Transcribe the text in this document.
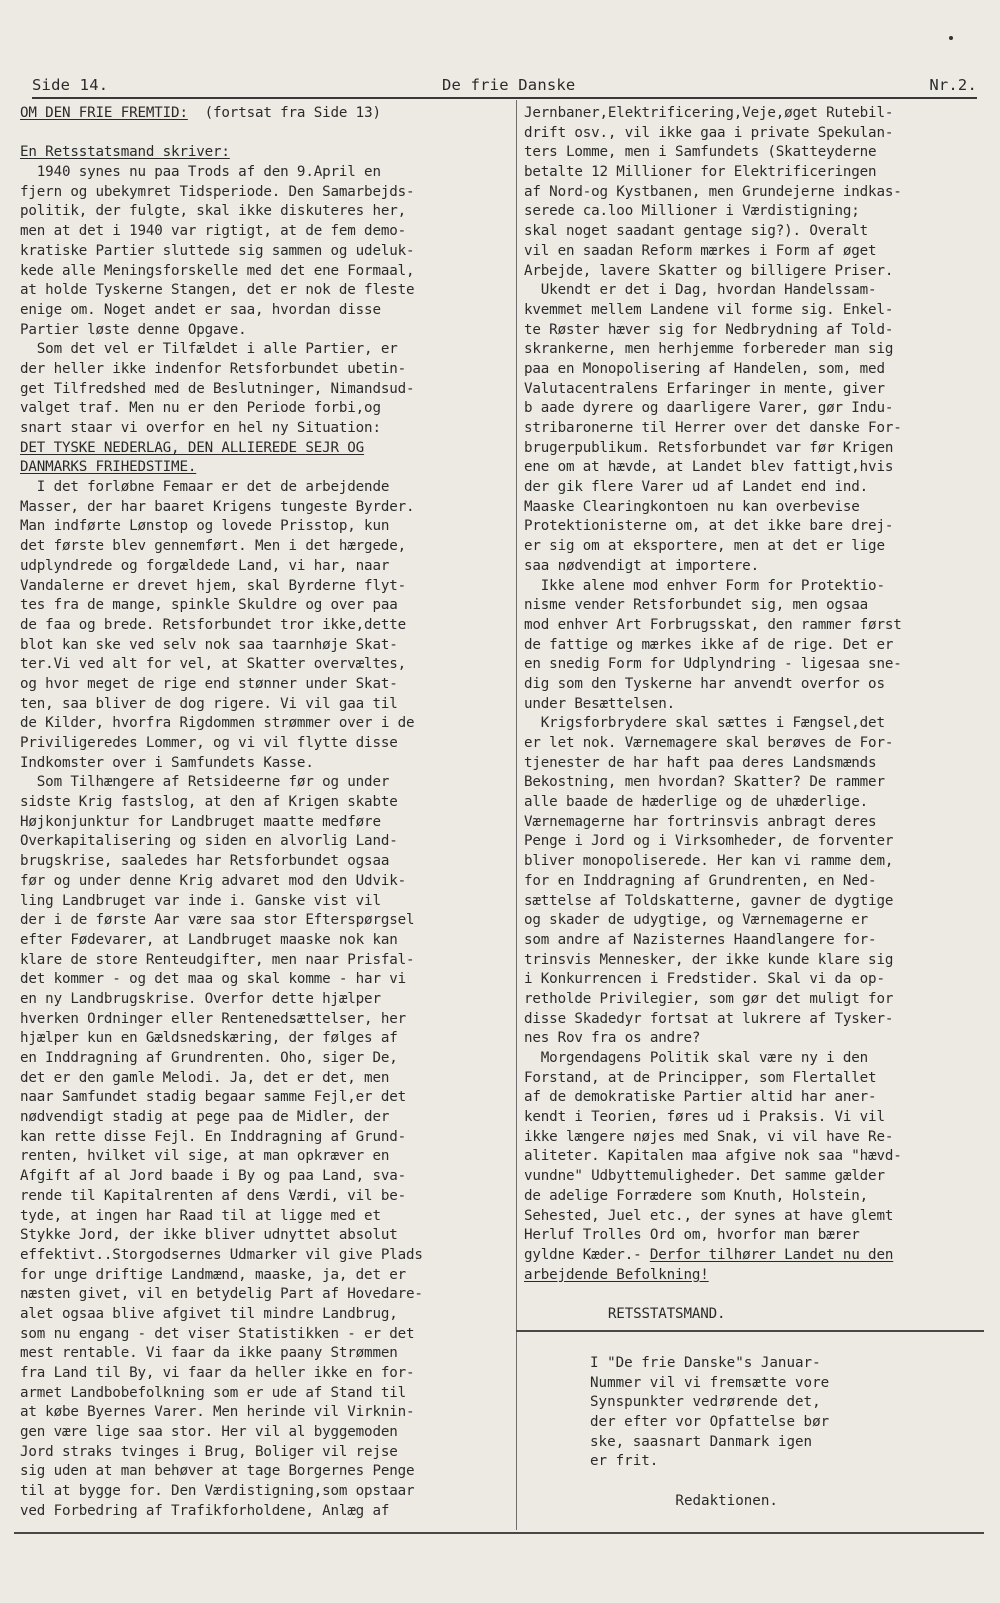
Side 14.	De frie Danske	Nr.2.
OM DEN FRIE FREMTID:  (fortsat fra Side 13)
En Retsstatsmand skriver:
1940 synes nu paa Trods af den 9.April en
fjern og ubekymret Tidsperiode. Den Samarbejds-
politik, der fulgte, skal ikke diskuteres her,
men at det i 1940 var rigtigt, at de fem demo-
kratiske Partier sluttede sig sammen og udeluk-
kede alle Meningsforskelle med det ene Formaal,
at holde Tyskerne Stangen, det er nok de fleste
enige om. Noget andet er saa, hvordan disse
Partier løste denne Opgave.
Som det vel er Tilfældet i alle Partier, er
der heller ikke indenfor Retsforbundet ubetin-
get Tilfredshed med de Beslutninger, Nimandsud-
valget traf. Men nu er den Periode forbi,og
snart staar vi overfor en hel ny Situation:
DET TYSKE NEDERLAG, DEN ALLIEREDE SEJR OG
DANMARKS FRIHEDSTIME.
I det forløbne Femaar er det de arbejdende
Masser, der har baaret Krigens tungeste Byrder.
Man indførte Lønstop og lovede Prisstop, kun
det første blev gennemført. Men i det hærgede,
udplyndrede og forgældede Land, vi har, naar
Vandalerne er drevet hjem, skal Byrderne flyt-
tes fra de mange, spinkle Skuldre og over paa
de faa og brede. Retsforbundet tror ikke,dette
blot kan ske ved selv nok saa taarnhøje Skat-
ter.Vi ved alt for vel, at Skatter overvæltes,
og hvor meget de rige end stønner under Skat-
ten, saa bliver de dog rigere. Vi vil gaa til
de Kilder, hvorfra Rigdommen strømmer over i de
Priviligeredes Lommer, og vi vil flytte disse
Indkomster over i Samfundets Kasse.
Som Tilhængere af Retsideerne før og under
sidste Krig fastslog, at den af Krigen skabte
Højkonjunktur for Landbruget maatte medføre
Overkapitalisering og siden en alvorlig Land-
brugskrise, saaledes har Retsforbundet ogsaa
før og under denne Krig advaret mod den Udvik-
ling Landbruget var inde i. Ganske vist vil
der i de første Aar være saa stor Efterspørgsel
efter Fødevarer, at Landbruget maaske nok kan
klare de store Renteudgifter, men naar Prisfal-
det kommer - og det maa og skal komme - har vi
en ny Landbrugskrise. Overfor dette hjælper
hverken Ordninger eller Rentenedsættelser, her
hjælper kun en Gældsnedskæring, der følges af
en Inddragning af Grundrenten. Oho, siger De,
det er den gamle Melodi. Ja, det er det, men
naar Samfundet stadig begaar samme Fejl,er det
nødvendigt stadig at pege paa de Midler, der
kan rette disse Fejl. En Inddragning af Grund-
renten, hvilket vil sige, at man opkræver en
Afgift af al Jord baade i By og paa Land, sva-
rende til Kapitalrenten af dens Værdi, vil be-
tyde, at ingen har Raad til at ligge med et
Stykke Jord, der ikke bliver udnyttet absolut
effektivt..Storgodsernes Udmarker vil give Plads
for unge driftige Landmænd, maaske, ja, det er
næsten givet, vil en betydelig Part af Hovedare-
alet ogsaa blive afgivet til mindre Landbrug,
som nu engang - det viser Statistikken - er det
mest rentable. Vi faar da ikke paany Strømmen
fra Land til By, vi faar da heller ikke en for-
armet Landbobefolkning som er ude af Stand til
at købe Byernes Varer. Men herinde vil Virknin-
gen være lige saa stor. Her vil al byggemoden
Jord straks tvinges i Brug, Boliger vil rejse
sig uden at man behøver at tage Borgernes Penge
til at bygge for. Den Værdistigning,som opstaar
ved Forbedring af Trafikforholdene, Anlæg af
Jernbaner,Elektrificering,Veje,øget Rutebil-
drift osv., vil ikke gaa i private Spekulan-
ters Lomme, men i Samfundets (Skatteyderne
betalte 12 Millioner for Elektrificeringen
af Nord-og Kystbanen, men Grundejerne indkas-
serede ca.loo Millioner i Værdistigning;
skal noget saadant gentage sig?). Overalt
vil en saadan Reform mærkes i Form af øget
Arbejde, lavere Skatter og billigere Priser.
Ukendt er det i Dag, hvordan Handelssam-
kvemmet mellem Landene vil forme sig. Enkel-
te Røster hæver sig for Nedbrydning af Told-
skrankerne, men herhjemme forbereder man sig
paa en Monopolisering af Handelen, som, med
Valutacentralens Erfaringer in mente, giver
b aade dyrere og daarligere Varer, gør Indu-
stribaronerne til Herrer over det danske For-
brugerpublikum. Retsforbundet var før Krigen
ene om at hævde, at Landet blev fattigt,hvis
der gik flere Varer ud af Landet end ind.
Maaske Clearingkontoen nu kan overbevise
Protektionisterne om, at det ikke bare drej-
er sig om at eksportere, men at det er lige
saa nødvendigt at importere.
Ikke alene mod enhver Form for Protektio-
nisme vender Retsforbundet sig, men ogsaa
mod enhver Art Forbrugsskat, den rammer først
de fattige og mærkes ikke af de rige. Det er
en snedig Form for Udplyndring - ligesaa sne-
dig som den Tyskerne har anvendt overfor os
under Besættelsen.
Krigsforbrydere skal sættes i Fængsel,det
er let nok. Værnemagere skal berøves de For-
tjenester de har haft paa deres Landsmænds
Bekostning, men hvordan? Skatter? De rammer
alle baade de hæderlige og de uhæderlige.
Værnemagerne har fortrinsvis anbragt deres
Penge i Jord og i Virksomheder, de forventer
bliver monopoliserede. Her kan vi ramme dem,
for en Inddragning af Grundrenten, en Ned-
sættelse af Toldskatterne, gavner de dygtige
og skader de udygtige, og Værnemagerne er
som andre af Nazisternes Haandlangere for-
trinsvis Mennesker, der ikke kunde klare sig
i Konkurrencen i Fredstider. Skal vi da op-
retholde Privilegier, som gør det muligt for
disse Skadedyr fortsat at lukrere af Tysker-
nes Rov fra os andre?
Morgendagens Politik skal være ny i den
Forstand, at de Principper, som Flertallet
af de demokratiske Partier altid har aner-
kendt i Teorien, føres ud i Praksis. Vi vil
ikke længere nøjes med Snak, vi vil have Re-
aliteter. Kapitalen maa afgive nok saa "hævd-
vundne" Udbyttemuligheder. Det samme gælder
de adelige Forrædere som Knuth, Holstein,
Sehested, Juel etc., der synes at have glemt
Herluf Trolles Ord om, hvorfor man bærer
gyldne Kæder.- Derfor tilhører Landet nu den
arbejdende Befolkning!
RETSSTATSMAND.
I "De frie Danske"s Januar-
Nummer vil vi fremsætte vore
Synspunkter vedrørende det,
der efter vor Opfattelse bør
ske, saasnart Danmark igen
er frit.
Redaktionen.
